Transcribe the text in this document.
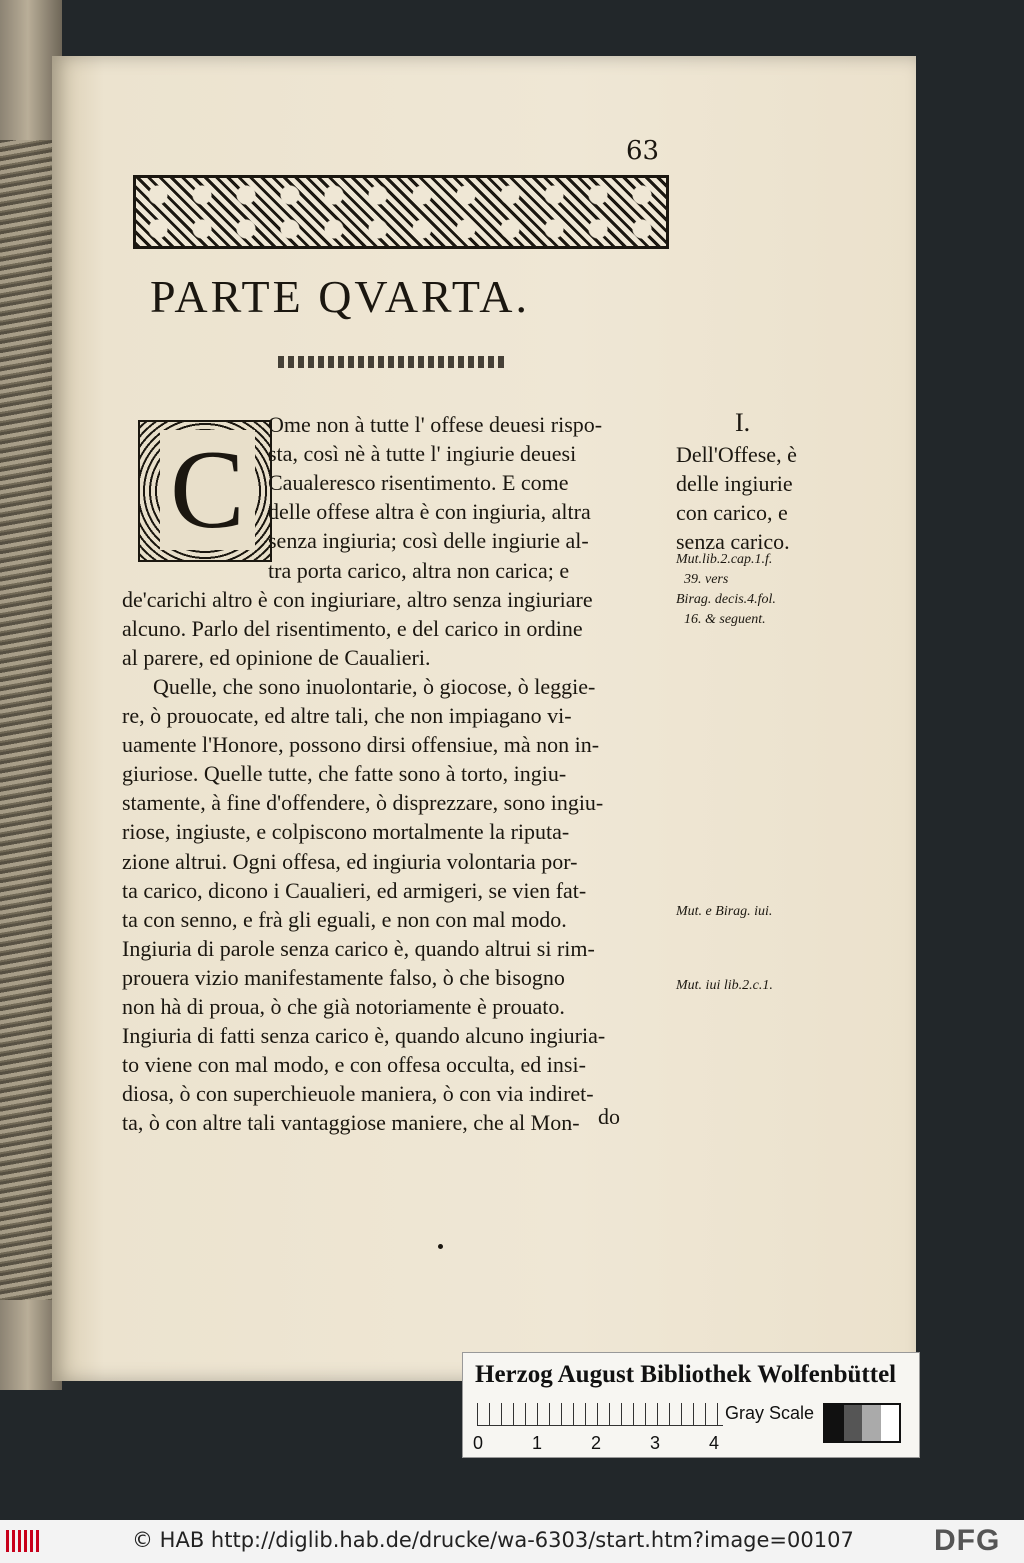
63
PARTE QVARTA.
C
Ome non à tutte l' offese deuesi rispo-
sta, così nè à tutte l' ingiurie deuesi
Caualeresco risentimento. E come
delle offese altra è con ingiuria, altra
senza ingiuria; così delle ingiurie al-
tra porta carico, altra non carica; e
de'carichi altro è con ingiuriare, altro senza ingiuriare
alcuno. Parlo del risentimento, e del carico in ordine
al parere, ed opinione de Caualieri.
Quelle, che sono inuolontarie, ò giocose, ò leggie-
re, ò prouocate, ed altre tali, che non impiagano vi-
uamente l'Honore, possono dirsi offensiue, mà non in-
giuriose. Quelle tutte, che fatte sono à torto, ingiu-
stamente, à fine d'offendere, ò disprezzare, sono ingiu-
riose, ingiuste, e colpiscono mortalmente la riputa-
zione altrui. Ogni offesa, ed ingiuria volontaria por-
ta carico, dicono i Caualieri, ed armigeri, se vien fat-
ta con senno, e frà gli eguali, e non con mal modo.
Ingiuria di parole senza carico è, quando altrui si rim-
prouera vizio manifestamente falso, ò che bisogno
non hà di proua, ò che già notoriamente è prouato.
Ingiuria di fatti senza carico è, quando alcuno ingiuria-
to viene con mal modo, e con offesa occulta, ed insi-
diosa, ò con superchieuole maniera, ò con via indiret-
ta, ò con altre tali vantaggiose maniere, che al Mon-
I.
Dell'Offese, è
delle ingiurie
con carico, e
senza carico.
Mut.lib.2.cap.1.f.
39. vers
Birag. decis.4.fol.
16. & seguent.
Mut. e Birag. iui.
Mut. iui lib.2.c.1.
do
Herzog August Bibliothek Wolfenbüttel
Gray Scale
0	1	2	3	4
© HAB http://diglib.hab.de/drucke/wa-6303/start.htm?image=00107	DFG
